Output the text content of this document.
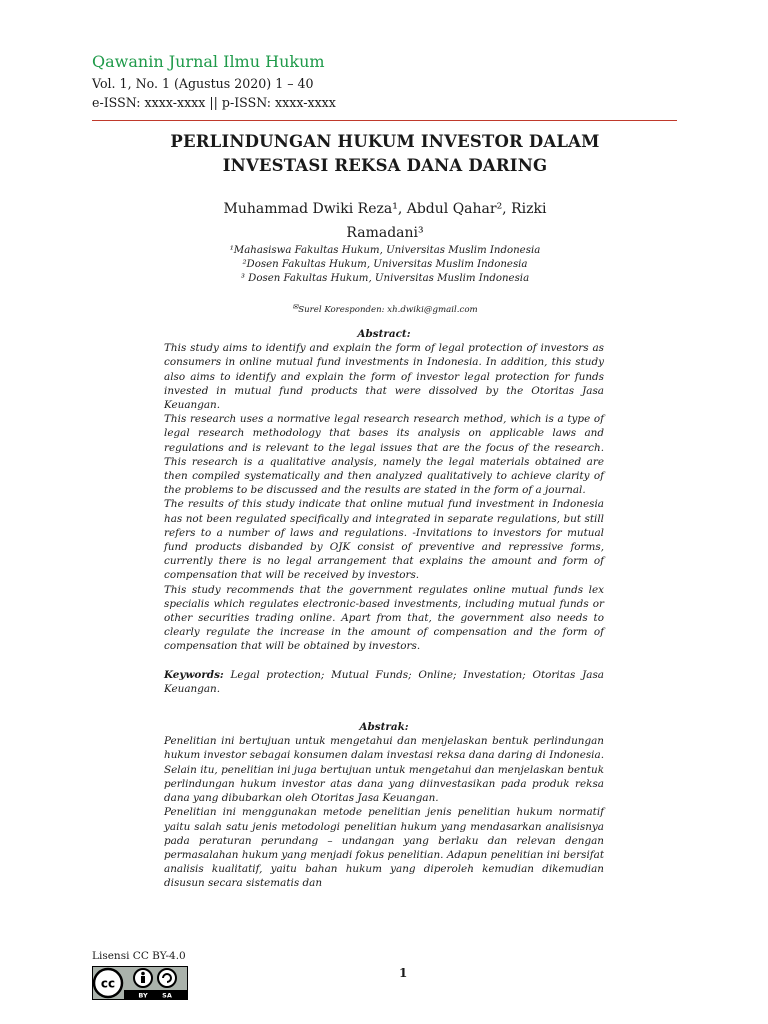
Qawanin Jurnal Ilmu Hukum

Vol. 1, No. 1 (Agustus 2020) 1 – 40

e-ISSN: xxxx-xxxx || p-ISSN: xxxx-xxxx

PERLINDUNGAN HUKUM INVESTOR DALAM
INVESTASI REKSA DANA DARING
Muhammad Dwiki Reza¹, Abdul Qahar², Rizki
Ramadani³
¹Mahasiswa Fakultas Hukum, Universitas Muslim Indonesia
²Dosen Fakultas Hukum, Universitas Muslim Indonesia
³ Dosen Fakultas Hukum, Universitas Muslim Indonesia
✉Surel Koresponden: xh.dwiki@gmail.com

Abstract:

This study aims to identify and explain the form of legal protection of investors as consumers in online mutual fund investments in Indonesia. In addition, this study also aims to identify and explain the form of investor legal protection for funds invested in mutual fund products that were dissolved by the Otoritas Jasa Keuangan.

This research uses a normative legal research research method, which is a type of legal research methodology that bases its analysis on applicable laws and regulations and is relevant to the legal issues that are the focus of the research. This research is a qualitative analysis, namely the legal materials obtained are then compiled systematically and then analyzed qualitatively to achieve clarity of the problems to be discussed and the results are stated in the form of a journal.

The results of this study indicate that online mutual fund investment in Indonesia has not been regulated specifically and integrated in separate regulations, but still refers to a number of laws and regulations. -Invitations to investors for mutual fund products disbanded by OJK consist of preventive and repressive forms, currently there is no legal arrangement that explains the amount and form of compensation that will be received by investors.

This study recommends that the government regulates online mutual funds lex specialis which regulates electronic-based investments, including mutual funds or other securities trading online. Apart from that, the government also needs to clearly regulate the increase in the amount of compensation and the form of compensation that will be obtained by investors.

Keywords: Legal protection; Mutual Funds; Online; Investation; Otoritas Jasa Keuangan.

Abstrak:

Penelitian ini bertujuan untuk mengetahui dan menjelaskan bentuk perlindungan hukum investor sebagai konsumen dalam investasi reksa dana daring di Indonesia. Selain itu, penelitian ini juga bertujuan untuk mengetahui dan menjelaskan bentuk perlindungan hukum investor atas dana yang diinvestasikan pada produk reksa dana yang dibubarkan oleh Otoritas Jasa Keuangan.

Penelitian ini menggunakan metode penelitian jenis penelitian hukum normatif yaitu salah satu jenis metodologi penelitian hukum yang mendasarkan analisisnya pada peraturan perundang – undangan yang berlaku dan relevan dengan permasalahan hukum yang menjadi fokus penelitian. Adapun penelitian ini bersifat analisis kualitatif, yaitu bahan hukum yang diperoleh kemudian dikemudian disusun secara sistematis dan

Lisensi CC BY-4.0
cc
BY SA
1
